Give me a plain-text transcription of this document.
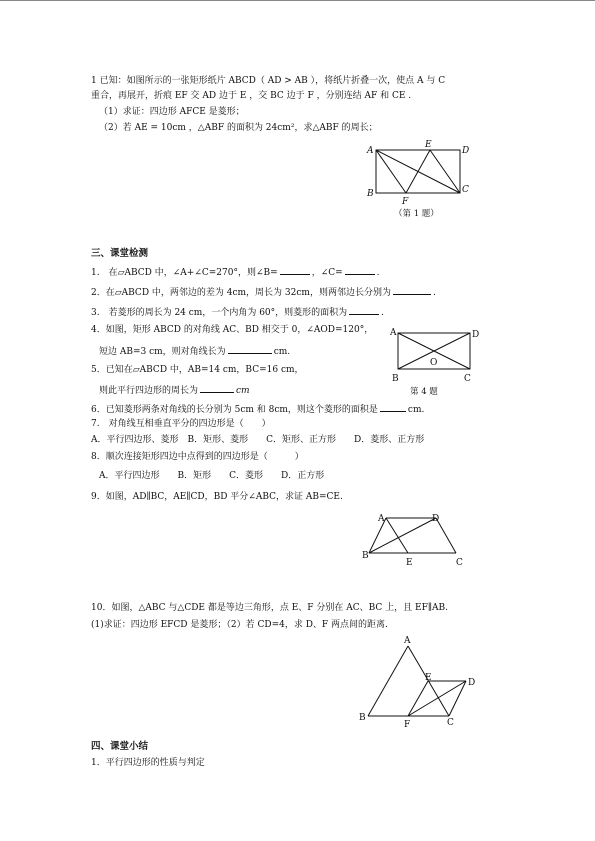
1 已知：如图所示的一张矩形纸片 ABCD（ AD > AB ），将纸片折叠一次，使点 A 与 C
重合，再展开，折痕 EF 交 AD 边于 E ，交 BC 边于 F ，分别连结 AF 和 CE .
（1）求证：四边形 AFCE 是菱形；
（2）若 AE = 10cm ，△ABF 的面积为 24cm²，求△ABF 的周长；
A
E
D
B
F
C
（第 1 题）
三、课堂检测
1.　在▱ABCD 中，∠A+∠C=270°，则∠B=	，∠C=	.
2．在▱ABCD 中，两邻边的差为 4cm，周长为 32cm，则两邻边长分别为	.
3.　若菱形的周长为 24 cm，一个内角为 60°，则菱形的面积为	.
4．如图，矩形 ABCD 的对角线 AC、BD 相交于 0，∠AOD=120°，
短边 AB=3 cm，则对角线长为	cm.
A	D
O
B	C
第 4 题
5．已知在▱ABCD 中，AB=14 cm，BC=16 cm，
则此平行四边形的周长为	cm
6．已知菱形两条对角线的长分别为 5cm 和 8cm，则这个菱形的面积是	cm.
7.　对角线互相垂直平分的四边形是（　　）
A．平行四边形、菱形　B．矩形、菱形　　C．矩形、正方形　　D．菱形、正方形
8．顺次连接矩形四边中点得到的四边形是（　　　）
A．平行四边形　　B．矩形　　C．菱形　　D．正方形
9．如图，AD∥BC，AE∥CD，BD 平分∠ABC，求证 AB=CE.
A	D
B
E	C
10．如图，△ABC 与△CDE 都是等边三角形，点 E、F 分别在 AC、BC 上，且 EF∥AB.
(1)求证：四边形 EFCD 是菱形；（2）若 CD=4，求 D、F 两点间的距离.
A
E	D
B
F	C
四、课堂小结
1．平行四边形的性质与判定
